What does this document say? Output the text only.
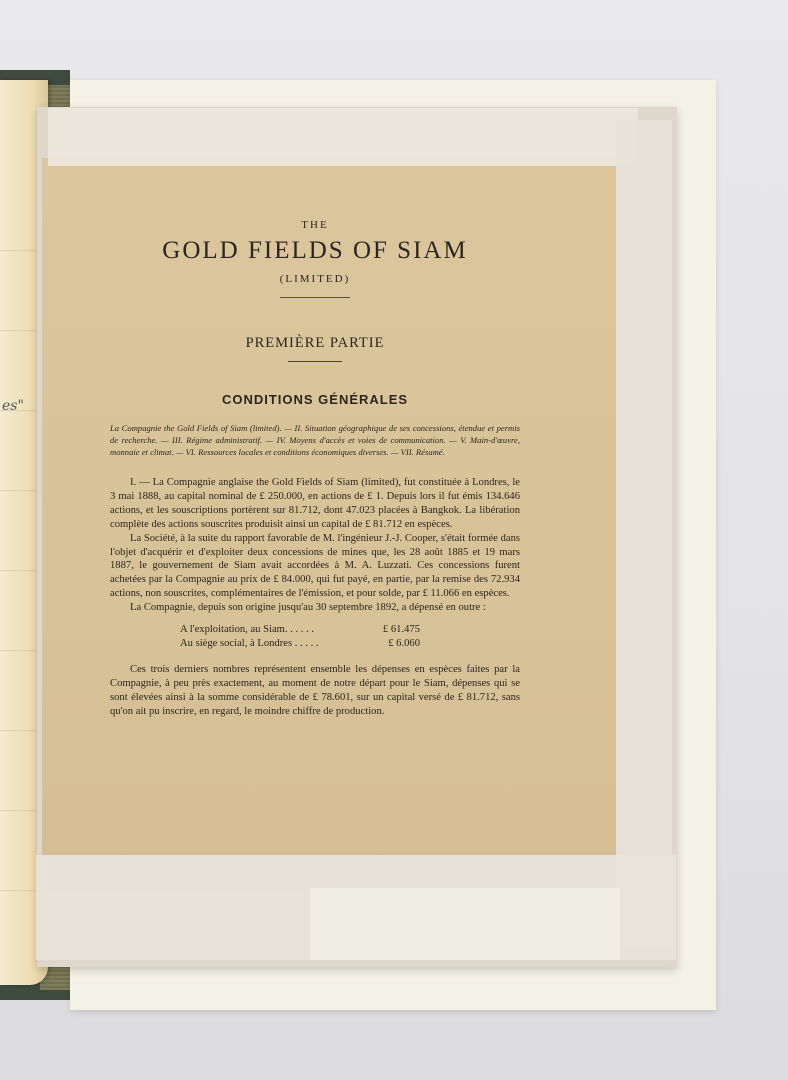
es"
THE
GOLD FIELDS OF SIAM
(LIMITED)
PREMIÈRE PARTIE
CONDITIONS GÉNÉRALES
La Compagnie the Gold Fields of Siam (limited). — II. Situation géographique de ses concessions, étendue et permis de recherche. — III. Régime administratif. — IV. Moyens d'accès et voies de communication. — V. Main-d'œuvre, monnaie et climat. — VI. Ressources locales et conditions économiques diverses. — VII. Résumé.

I. — La Compagnie anglaise the Gold Fields of Siam (limited), fut constituée à Londres, le 3 mai 1888, au capital nominal de £ 250.000, en actions de £ 1. Depuis lors il fut émis 134.646 actions, et les souscriptions portèrent sur 81.712, dont 47.023 placées à Bangkok. La libération complète des actions souscrites produisit ainsi un capital de £ 81.712 en espèces.

La Société, à la suite du rapport favorable de M. l'ingénieur J.-J. Cooper, s'était formée dans l'objet d'acquérir et d'exploiter deux concessions de mines que, les 28 août 1885 et 19 mars 1887, le gouvernement de Siam avait accordées à M. A. Luzzati. Ces concessions furent achetées par la Compagnie au prix de £ 84.000, qui fut payé, en partie, par la remise des 72.934 actions, non souscrites, complémentaires de l'émission, et pour solde, par £ 11.066 en espèces.

La Compagnie, depuis son origine jusqu'au 30 septembre 1892, a dépensé en outre :

A l'exploitation, au Siam. . . . . .	£ 61.475
Au siège social, à Londres . . . . .	£ 6.060

Ces trois derniers nombres représentent ensemble les dépenses en espèces faites par la Compagnie, à peu près exactement, au moment de notre départ pour le Siam, dépenses qui se sont élevées ainsi à la somme considérable de £ 78.601, sur un capital versé de £ 81.712, sans qu'on ait pu inscrire, en regard, le moindre chiffre de production.
